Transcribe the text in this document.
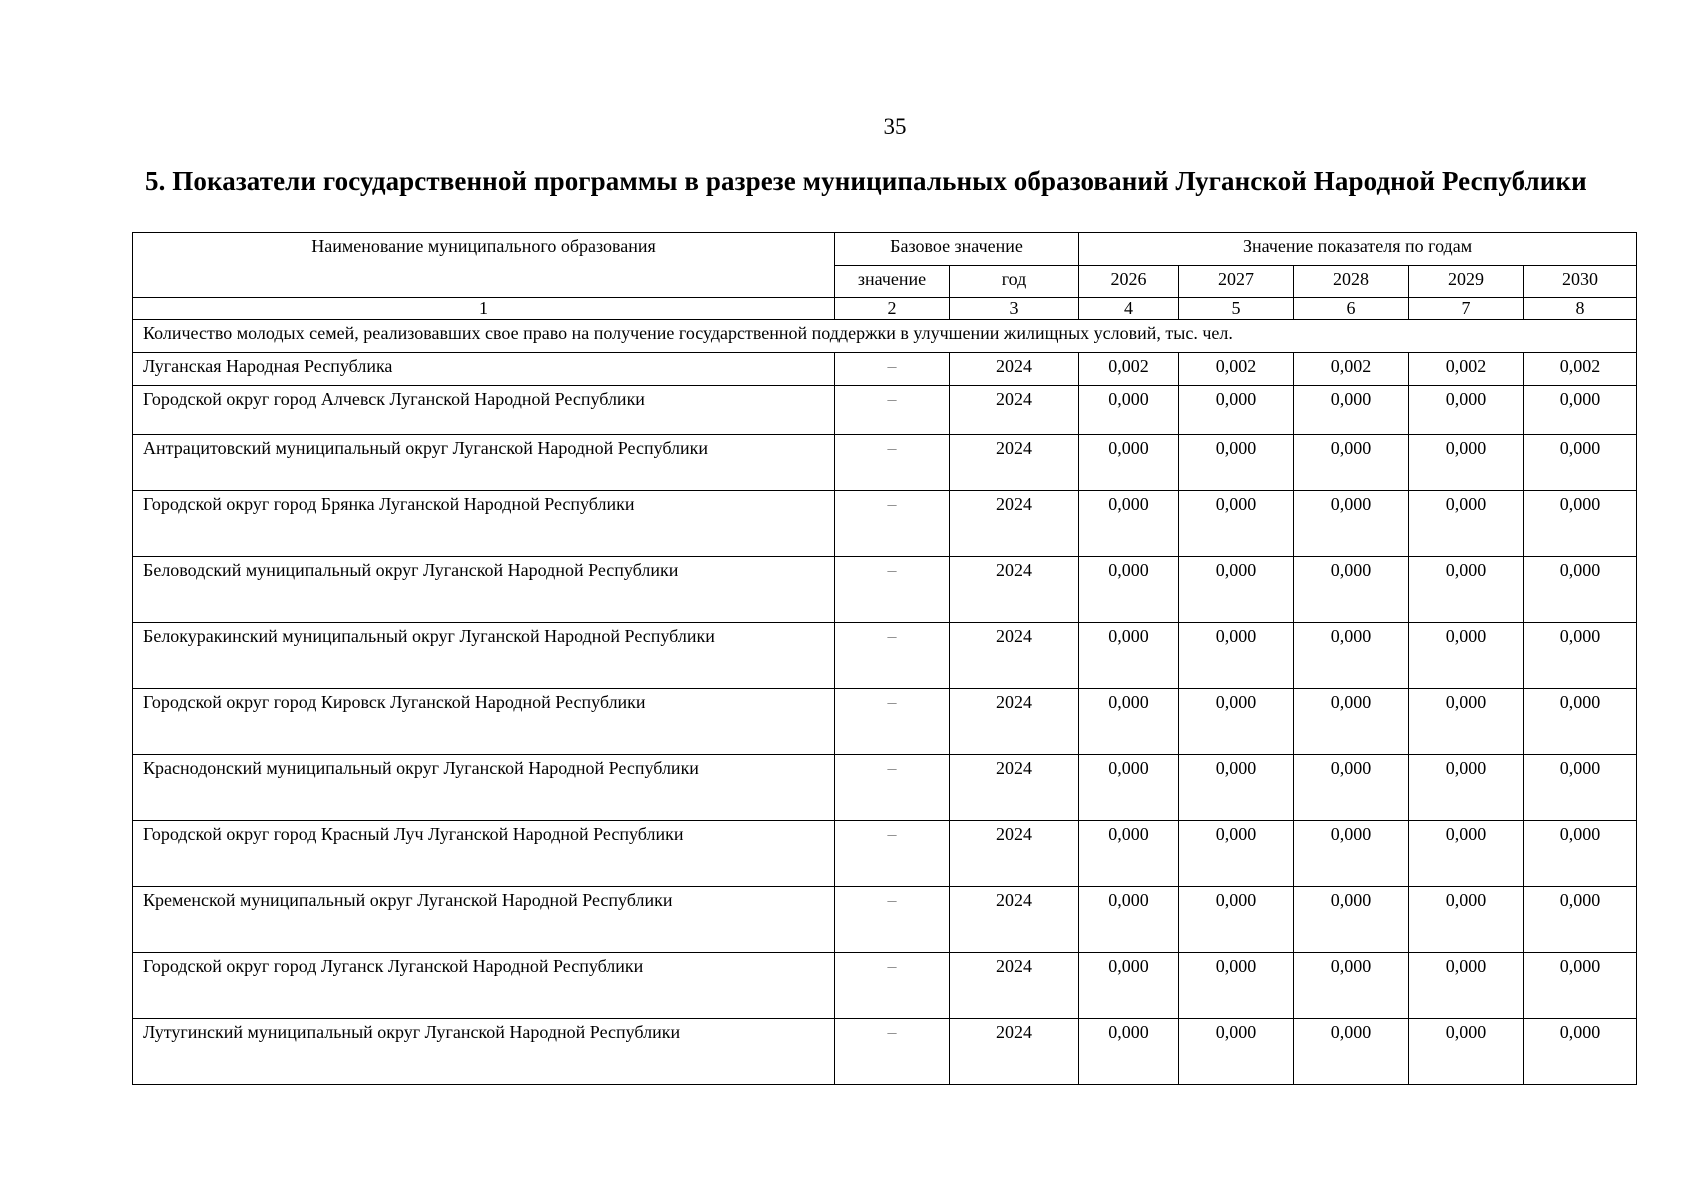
35
5. Показатели государственной программы в разрезе муниципальных образований Луганской Народной Республики
Наименование муниципального образования	Базовое значение		Значение показателя по годам				
	значение	год	2026	2027	2028	2029	2030
1	2	3	4	5	6	7	8
Количество молодых семей, реализовавших свое право на получение государственной поддержки в улучшении жилищных условий, тыс. чел.							
Луганская Народная Республика	–	2024	0,002	0,002	0,002	0,002	0,002
Городской округ город Алчевск Луганской Народной Республики	–	2024	0,000	0,000	0,000	0,000	0,000
Антрацитовский муниципальный округ Луганской Народной Республики	–	2024	0,000	0,000	0,000	0,000	0,000
Городской округ город Брянка Луганской Народной Республики	–	2024	0,000	0,000	0,000	0,000	0,000
Беловодский муниципальный округ Луганской Народной Республики	–	2024	0,000	0,000	0,000	0,000	0,000
Белокуракинский муниципальный округ Луганской Народной Республики	–	2024	0,000	0,000	0,000	0,000	0,000
Городской округ город Кировск Луганской Народной Республики	–	2024	0,000	0,000	0,000	0,000	0,000
Краснодонский муниципальный округ Луганской Народной Республики	–	2024	0,000	0,000	0,000	0,000	0,000
Городской округ город Красный Луч Луганской Народной Республики	–	2024	0,000	0,000	0,000	0,000	0,000
Кременской муниципальный округ Луганской Народной Республики	–	2024	0,000	0,000	0,000	0,000	0,000
Городской округ город Луганск Луганской Народной Республики	–	2024	0,000	0,000	0,000	0,000	0,000
Лутугинский муниципальный округ Луганской Народной Республики	–	2024	0,000	0,000	0,000	0,000	0,000
